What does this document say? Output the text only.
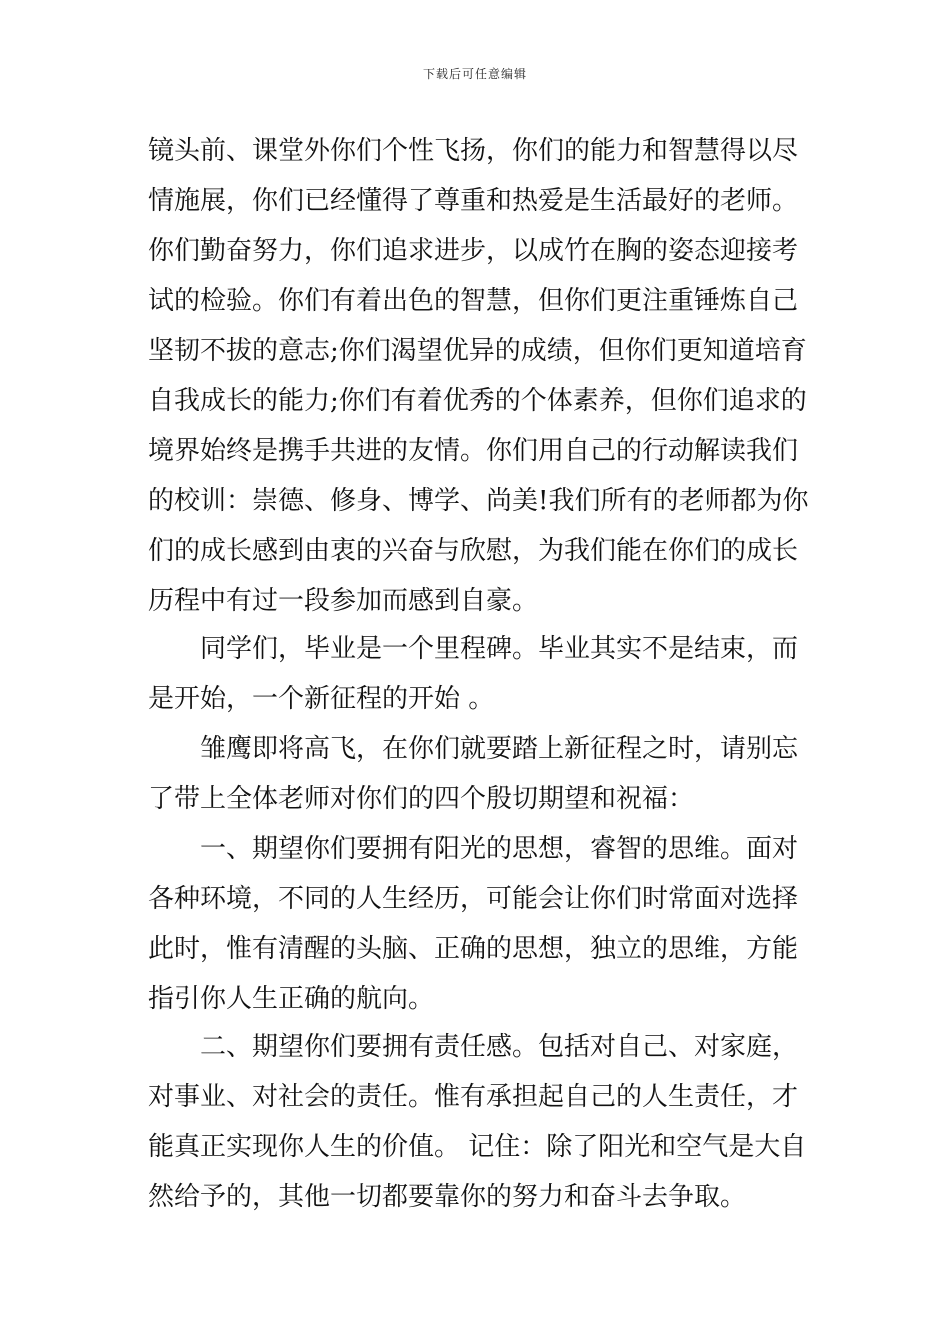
下载后可任意编辑
镜头前、课堂外你们个性飞扬，你们的能力和智慧得以尽
情施展，你们已经懂得了尊重和热爱是生活最好的老师。
你们勤奋努力，你们追求进步，以成竹在胸的姿态迎接考
试的检验。你们有着出色的智慧，但你们更注重锤炼自己
坚韧不拔的意志;你们渴望优异的成绩，但你们更知道培育
自我成长的能力;你们有着优秀的个体素养，但你们追求的
境界始终是携手共进的友情。你们用自己的行动解读我们
的校训：崇德、修身、博学、尚美!我们所有的老师都为你
们的成长感到由衷的兴奋与欣慰，为我们能在你们的成长
历程中有过一段参加而感到自豪。
同学们，毕业是一个里程碑。毕业其实不是结束，而
是开始，一个新征程的开始 。
雏鹰即将高飞，在你们就要踏上新征程之时，请别忘
了带上全体老师对你们的四个殷切期望和祝福：
一、期望你们要拥有阳光的思想，睿智的思维。面对
各种环境，不同的人生经历，可能会让你们时常面对选择
此时，惟有清醒的头脑、正确的思想，独立的思维，方能
指引你人生正确的航向。
二、期望你们要拥有责任感。包括对自己、对家庭，
对事业、对社会的责任。惟有承担起自己的人生责任，才
能真正实现你人生的价值。 记住：除了阳光和空气是大自
然给予的，其他一切都要靠你的努力和奋斗去争取。
